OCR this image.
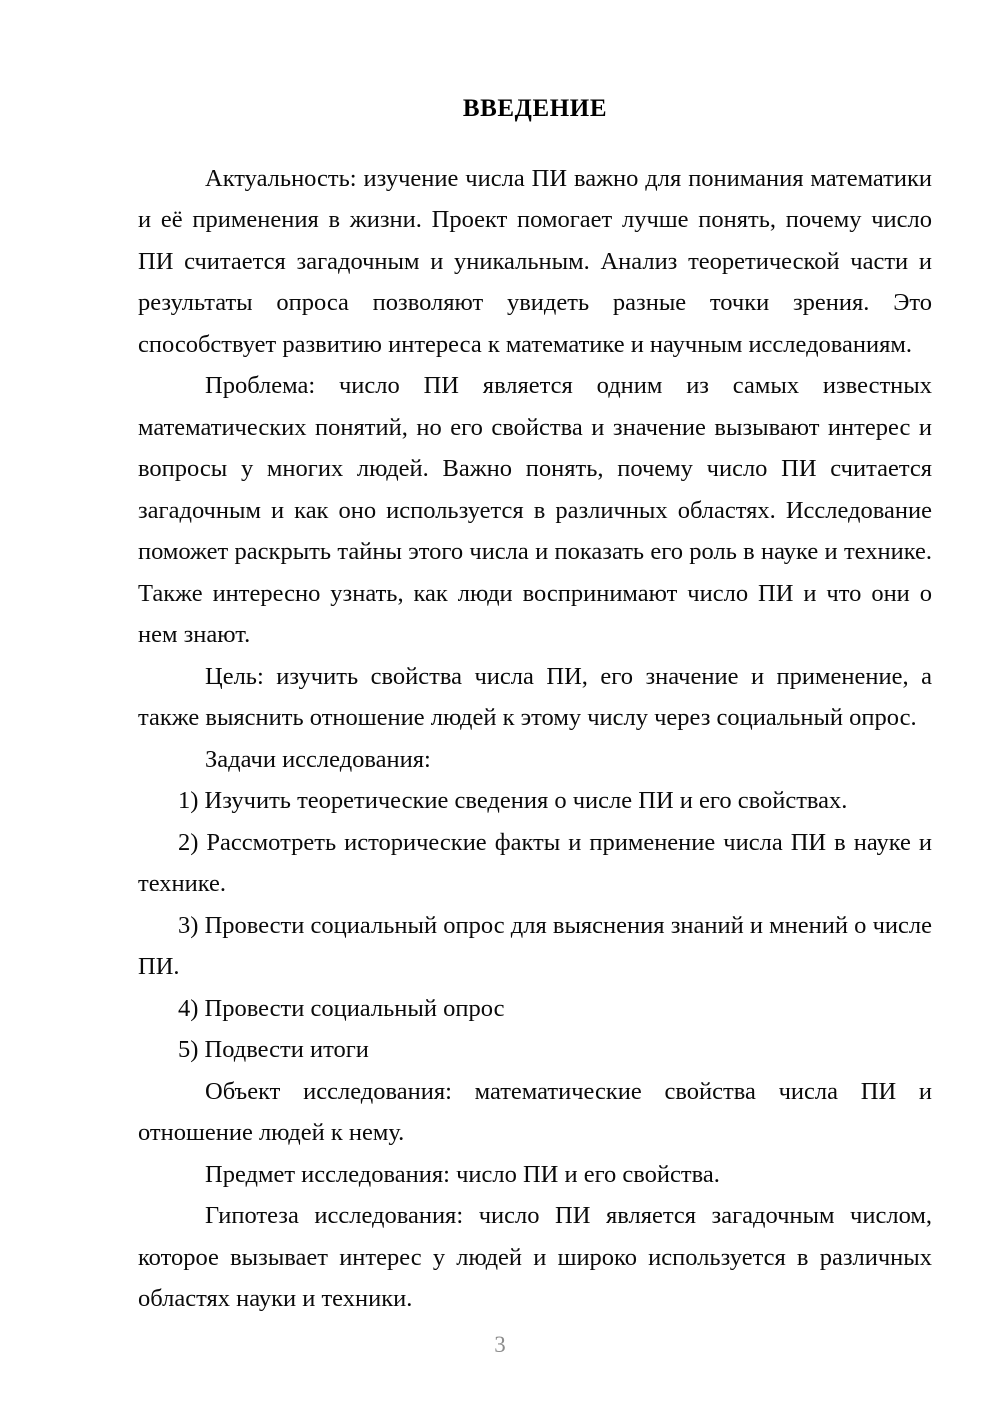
ВВЕДЕНИЕ

Актуальность: изучение числа ПИ важно для понимания математики и её применения в жизни. Проект помогает лучше понять, почему число ПИ считается загадочным и уникальным. Анализ теоретической части и результаты опроса позволяют увидеть разные точки зрения. Это способствует развитию интереса к математике и научным исследованиям.

Проблема: число ПИ является одним из самых известных математических понятий, но его свойства и значение вызывают интерес и вопросы у многих людей. Важно понять, почему число ПИ считается загадочным и как оно используется в различных областях. Исследование поможет раскрыть тайны этого числа и показать его роль в науке и технике. Также интересно узнать, как люди воспринимают число ПИ и что они о нем знают.

Цель: изучить свойства числа ПИ, его значение и применение, а также выяснить отношение людей к этому числу через социальный опрос.

Задачи исследования:

1) Изучить теоретические сведения о числе ПИ и его свойствах.

2) Рассмотреть исторические факты и применение числа ПИ в науке и технике.

3) Провести социальный опрос для выяснения знаний и мнений о числе ПИ.

4) Провести социальный опрос

5) Подвести итоги

Объект исследования: математические свойства числа ПИ и отношение людей к нему.

Предмет исследования: число ПИ и его свойства.

Гипотеза исследования: число ПИ является загадочным числом, которое вызывает интерес у людей и широко используется в различных областях науки и техники.

3
